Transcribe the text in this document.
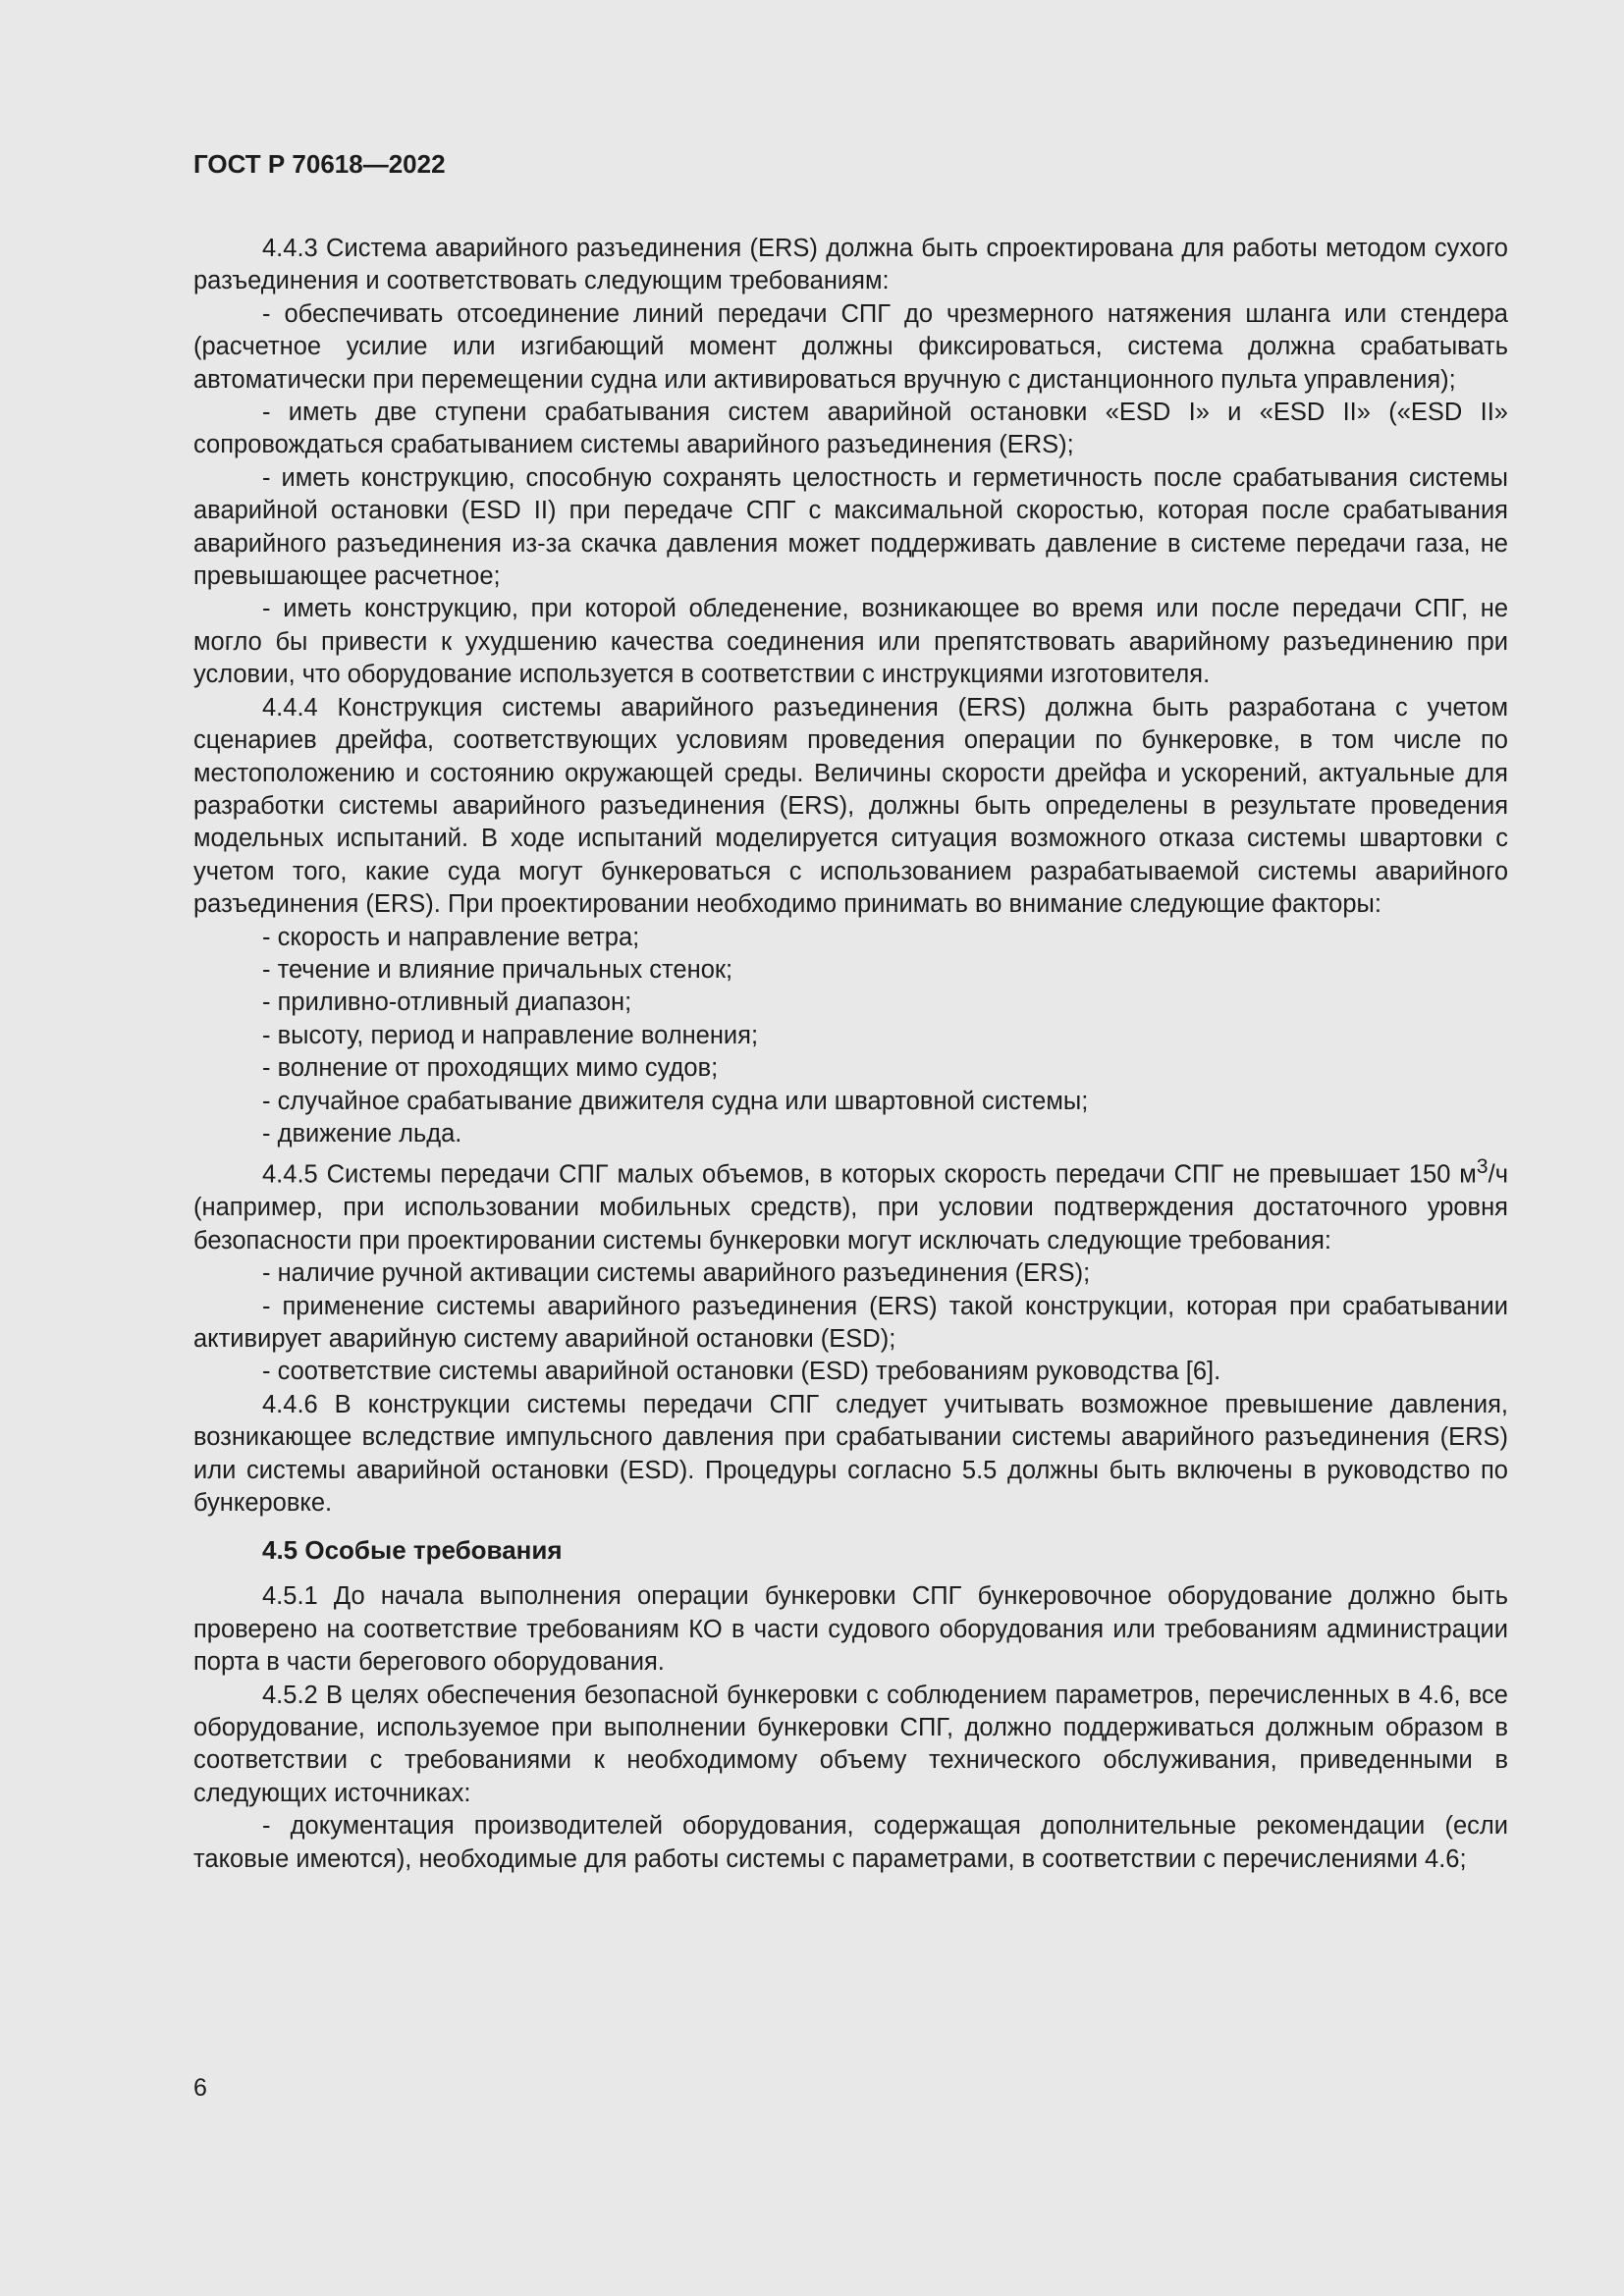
ГОСТ Р 70618—2022

4.4.3 Система аварийного разъединения (ERS) должна быть спроектирована для работы методом сухого разъединения и соответствовать следующим требованиям:

- обеспечивать отсоединение линий передачи СПГ до чрезмерного натяжения шланга или стендера (расчетное усилие или изгибающий момент должны фиксироваться, система должна срабатывать автоматически при перемещении судна или активироваться вручную с дистанционного пульта управления);

- иметь две ступени срабатывания систем аварийной остановки «ESD I» и «ESD II» («ESD II» сопровождаться срабатыванием системы аварийного разъединения (ERS);

- иметь конструкцию, способную сохранять целостность и герметичность после срабатывания системы аварийной остановки (ESD II) при передаче СПГ с максимальной скоростью, которая после срабатывания аварийного разъединения из-за скачка давления может поддерживать давление в системе передачи газа, не превышающее расчетное;

- иметь конструкцию, при которой обледенение, возникающее во время или после передачи СПГ, не могло бы привести к ухудшению качества соединения или препятствовать аварийному разъединению при условии, что оборудование используется в соответствии с инструкциями изготовителя.

4.4.4 Конструкция системы аварийного разъединения (ERS) должна быть разработана с учетом сценариев дрейфа, соответствующих условиям проведения операции по бункеровке, в том числе по местоположению и состоянию окружающей среды. Величины скорости дрейфа и ускорений, актуальные для разработки системы аварийного разъединения (ERS), должны быть определены в результате проведения модельных испытаний. В ходе испытаний моделируется ситуация возможного отказа системы швартовки с учетом того, какие суда могут бункероваться с использованием разрабатываемой системы аварийного разъединения (ERS). При проектировании необходимо принимать во внимание следующие факторы:

- скорость и направление ветра;

- течение и влияние причальных стенок;

- приливно-отливный диапазон;

- высоту, период и направление волнения;

- волнение от проходящих мимо судов;

- случайное срабатывание движителя судна или швартовной системы;

- движение льда.

4.4.5 Системы передачи СПГ малых объемов, в которых скорость передачи СПГ не превышает 150 $м^3/ч$ (например, при использовании мобильных средств), при условии подтверждения достаточного уровня безопасности при проектировании системы бункеровки могут исключать следующие требования:

- наличие ручной активации системы аварийного разъединения (ERS);

- применение системы аварийного разъединения (ERS) такой конструкции, которая при срабатывании активирует аварийную систему аварийной остановки (ESD);

- соответствие системы аварийной остановки (ESD) требованиям руководства [6].

4.4.6 В конструкции системы передачи СПГ следует учитывать возможное превышение давления, возникающее вследствие импульсного давления при срабатывании системы аварийного разъединения (ERS) или системы аварийной остановки (ESD). Процедуры согласно 5.5 должны быть включены в руководство по бункеровке.

4.5 Особые требования

4.5.1 До начала выполнения операции бункеровки СПГ бункеровочное оборудование должно быть проверено на соответствие требованиям КО в части судового оборудования или требованиям администрации порта в части берегового оборудования.

4.5.2 В целях обеспечения безопасной бункеровки с соблюдением параметров, перечисленных в 4.6, все оборудование, используемое при выполнении бункеровки СПГ, должно поддерживаться должным образом в соответствии с требованиями к необходимому объему технического обслуживания, приведенными в следующих источниках:

- документация производителей оборудования, содержащая дополнительные рекомендации (если таковые имеются), необходимые для работы системы с параметрами, в соответствии с перечислениями 4.6;

6
